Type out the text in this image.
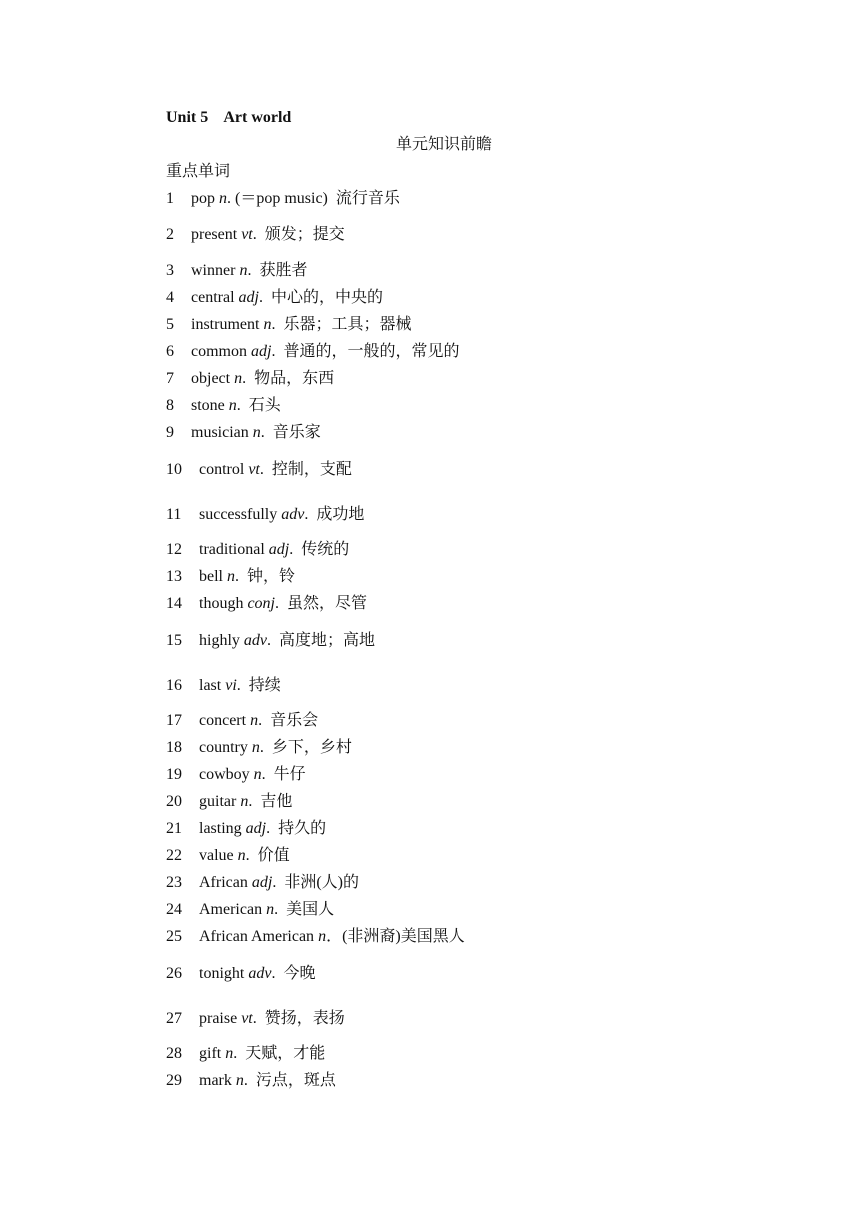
Unit 5    Art world
单元知识前瞻
重点单词
1 pop n. (＝pop music)  流行音乐
2 present vt.  颁发；提交
3 winner n.  获胜者
4 central adj.  中心的，中央的
5 instrument n.  乐器；工具；器械
6 common adj.  普通的，一般的，常见的
7 object n.  物品，东西
8 stone n.  石头
9 musician n.  音乐家
10 control vt.  控制，支配
11 successfully adv.  成功地
12 traditional adj.  传统的
13 bell n.  钟，铃
14 though conj.  虽然，尽管
15 highly adv.  高度地；高地
16 last vi.  持续
17 concert n.  音乐会
18 country n.  乡下，乡村
19 cowboy n.  牛仔
20 guitar n.  吉他
21 lasting adj.  持久的
22 value n.  价值
23 African adj.  非洲(人)的
24 American n.  美国人
25 African American n．(非洲裔)美国黑人
26 tonight adv.  今晚
27 praise vt.  赞扬，表扬
28 gift n.  天赋，才能
29 mark n.  污点，斑点
